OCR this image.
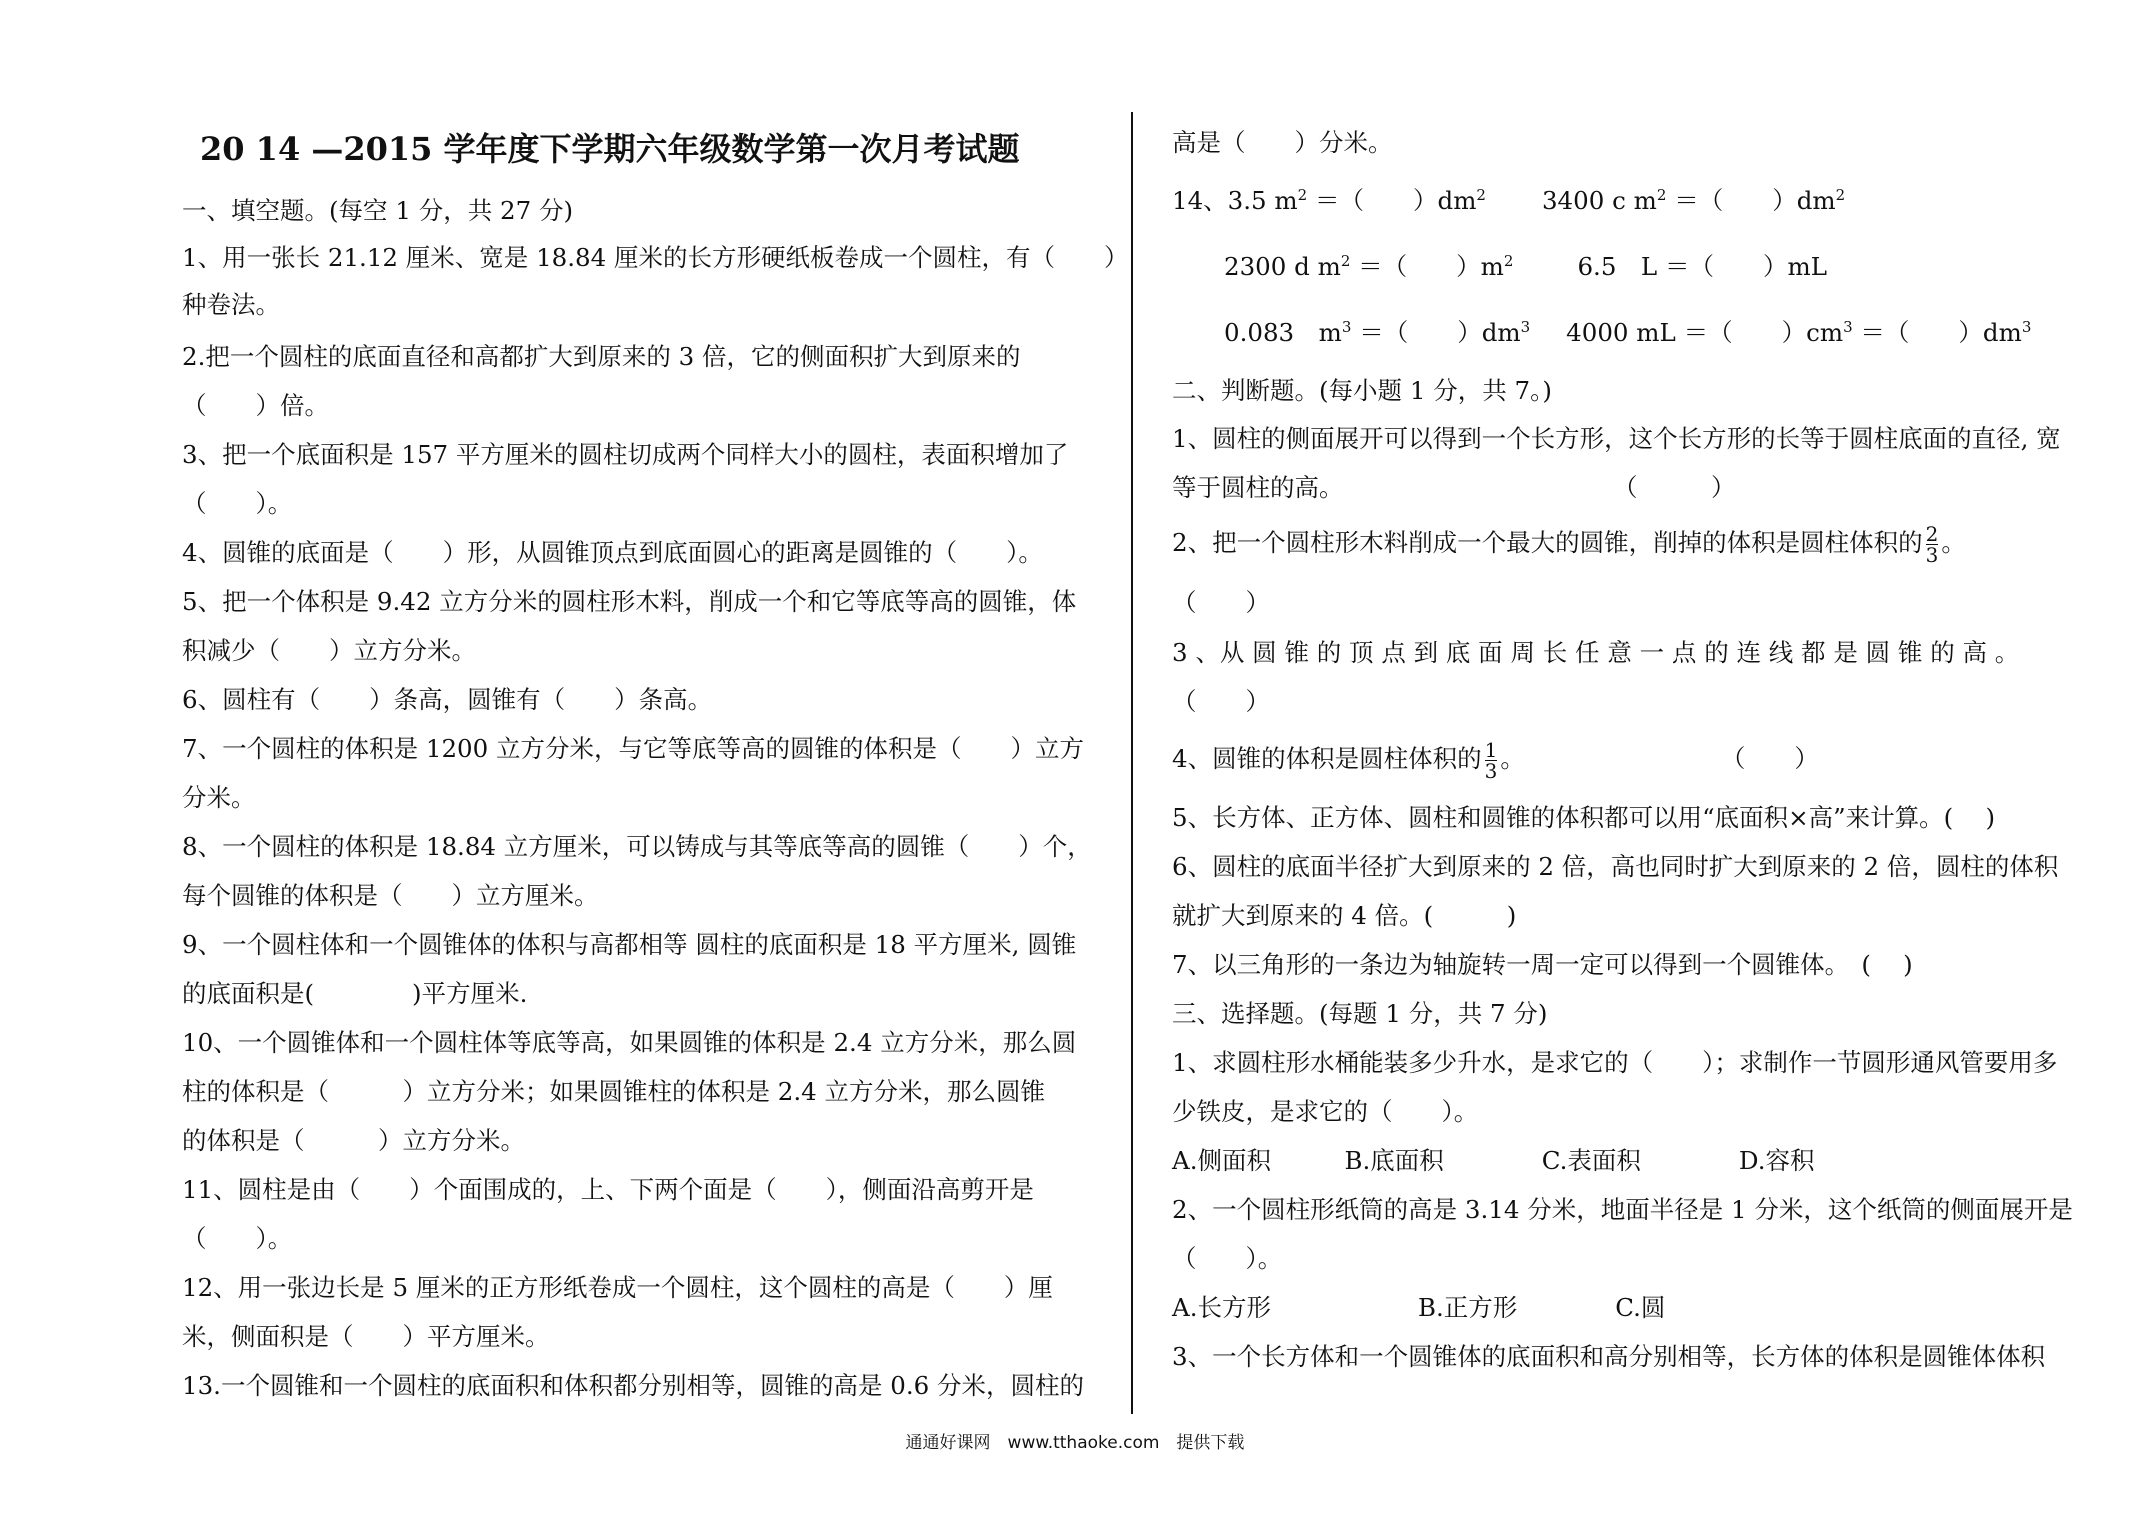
20 14 —2015 学年度下学期六年级数学第一次月考试题
一、填空题。(每空 1 分，共 27 分)
1、用一张长 21.12 厘米、宽是 18.84 厘米的长方形硬纸板卷成一个圆柱，有（　　）
种卷法。
2.把一个圆柱的底面直径和高都扩大到原来的 3 倍，它的侧面积扩大到原来的
（　　）倍。
3、把一个底面积是 157 平方厘米的圆柱切成两个同样大小的圆柱，表面积增加了
（　　）。
4、圆锥的底面是（　　）形，从圆锥顶点到底面圆心的距离是圆锥的（　　）。
5、把一个体积是 9.42 立方分米的圆柱形木料，削成一个和它等底等高的圆锥，体
积减少（　　）立方分米。
6、圆柱有（　　）条高，圆锥有（　　）条高。
7、一个圆柱的体积是 1200 立方分米，与它等底等高的圆锥的体积是（　　）立方
分米。
8、一个圆柱的体积是 18.84 立方厘米，可以铸成与其等底等高的圆锥（　　）个，
每个圆锥的体积是（　　）立方厘米。
9、一个圆柱体和一个圆锥体的体积与高都相等 圆柱的底面积是 18 平方厘米, 圆锥
的底面积是(　　　　)平方厘米.
10、一个圆锥体和一个圆柱体等底等高，如果圆锥的体积是 2.4 立方分米，那么圆
柱的体积是（　　　）立方分米；如果圆锥柱的体积是 2.4 立方分米，那么圆锥
的体积是（　　　）立方分米。
11、圆柱是由（　　）个面围成的，上、下两个面是（　　），侧面沿高剪开是
（　　）。
12、用一张边长是 5 厘米的正方形纸卷成一个圆柱，这个圆柱的高是（　　）厘
米，侧面积是（　　）平方厘米。
13.一个圆锥和一个圆柱的底面积和体积都分别相等，圆锥的高是 0.6 分米，圆柱的
高是（　　）分米。
14、3.5 $m^2$ ＝（　　）$dm^2$ 3400 c $m^2$ ＝（　　）$dm^2$
2300 d $m^2$ ＝（　　）$m^2$	6.5　L ＝（　　）mL
0.083　$m^3$ ＝（　　）$dm^3$ 4000 mL ＝（　　）$cm^3$ ＝（　　）$dm^3$
二、判断题。(每小题 1 分，共 7。)
1、圆柱的侧面展开可以得到一个长方形，这个长方形的长等于圆柱底面的直径, 宽
等于圆柱的高。　　　　　　　　　　　　（　　　）
2、把一个圆柱形木料削成一个最大的圆锥，削掉的体积是圆柱体积的 $\frac{2}{3}$ 。
（　　）
3 、从 圆 锥 的 顶 点 到 底 面 周 长 任 意 一 点 的 连 线 都 是 圆 锥 的 高 。
（　　）
4、圆锥的体积是圆柱体积的 $\frac{1}{3}$ 。　　　　　　　　　（　　）
5、长方体、正方体、圆柱和圆锥的体积都可以用“底面积×高”来计算。(　 )
6、圆柱的底面半径扩大到原来的 2 倍，高也同时扩大到原来的 2 倍，圆柱的体积
就扩大到原来的 4 倍。(　　　)
7、以三角形的一条边为轴旋转一周一定可以得到一个圆锥体。　(　 )
三、选择题。(每题 1 分，共 7 分)
1、求圆柱形水桶能装多少升水，是求它的（　　）；求制作一节圆形通风管要用多
少铁皮，是求它的（　　）。
A.侧面积　　　B.底面积　　　　C.表面积　　　　D.容积
2、一个圆柱形纸筒的高是 3.14 分米，地面半径是 1 分米，这个纸筒的侧面展开是
（　　）。
A.长方形　　　　　　B.正方形　　　　C.圆
3、一个长方体和一个圆锥体的底面积和高分别相等，长方体的体积是圆锥体体积
通通好课网　www.tthaoke.com　提供下载
